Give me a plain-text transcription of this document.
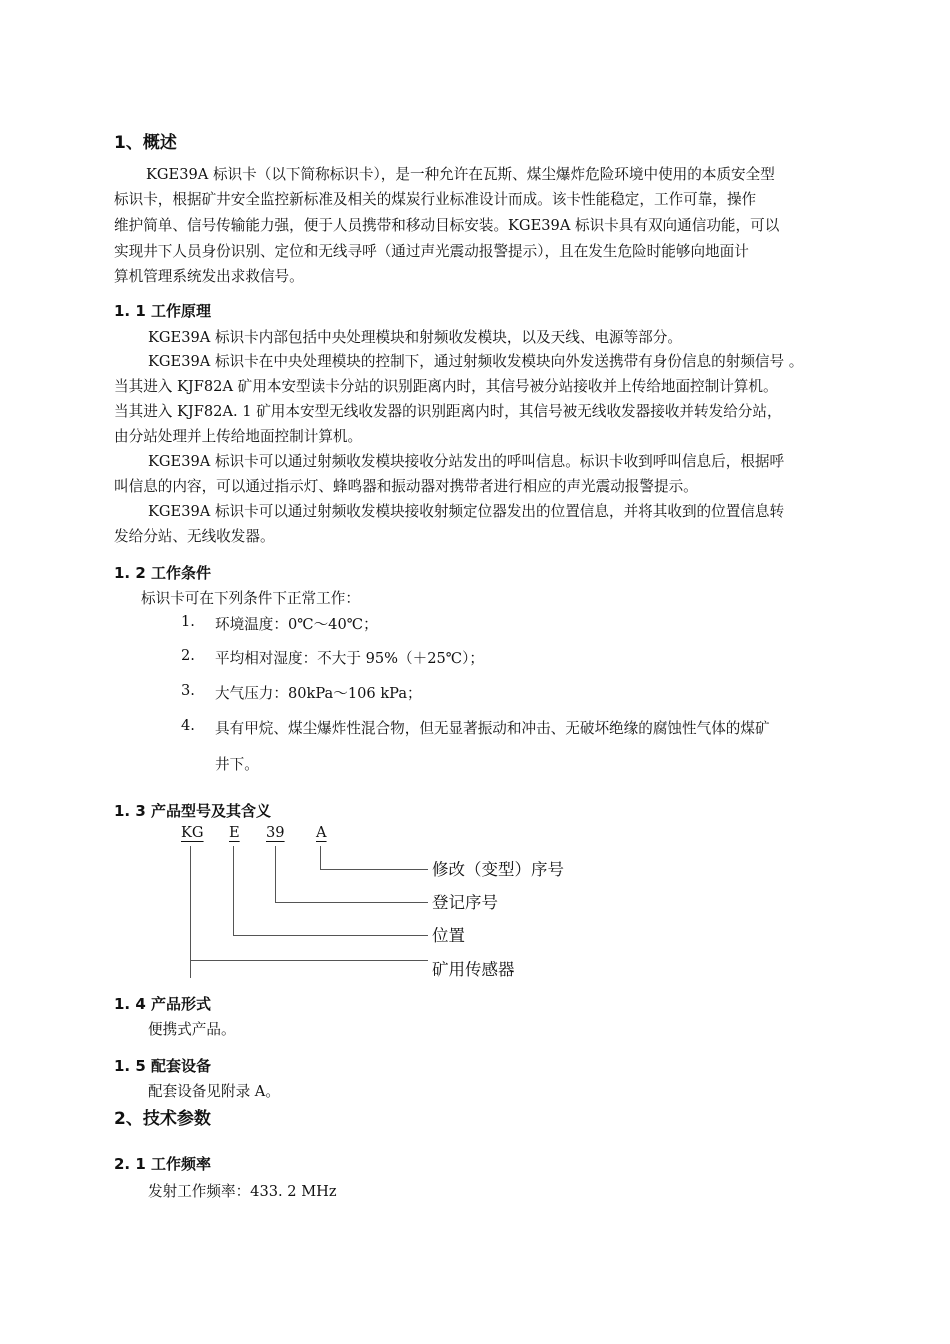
1、概述
KGE39A 标识卡（以下简称标识卡），是一种允许在瓦斯、煤尘爆炸危险环境中使用的本质安全型
标识卡，根据矿井安全监控新标准及相关的煤炭行业标准设计而成。该卡性能稳定，工作可靠，操作
维护简单、信号传输能力强，便于人员携带和移动目标安装。KGE39A 标识卡具有双向通信功能，可以
实现井下人员身份识别、定位和无线寻呼（通过声光震动报警提示），且在发生危险时能够向地面计
算机管理系统发出求救信号。
1. 1 工作原理
KGE39A 标识卡内部包括中央处理模块和射频收发模块，以及天线、电源等部分。
KGE39A 标识卡在中央处理模块的控制下，通过射频收发模块向外发送携带有身份信息的射频信号 。
当其进入 KJF82A 矿用本安型读卡分站的识别距离内时，其信号被分站接收并上传给地面控制计算机。
当其进入 KJF82A. 1 矿用本安型无线收发器的识别距离内时，其信号被无线收发器接收并转发给分站，
由分站处理并上传给地面控制计算机。
KGE39A 标识卡可以通过射频收发模块接收分站发出的呼叫信息。标识卡收到呼叫信息后，根据呼
叫信息的内容，可以通过指示灯、蜂鸣器和振动器对携带者进行相应的声光震动报警提示。
KGE39A 标识卡可以通过射频收发模块接收射频定位器发出的位置信息，并将其收到的位置信息转
发给分站、无线收发器。
1. 2 工作条件
标识卡可在下列条件下正常工作：
1. 环境温度：0℃～40℃；
2. 平均相对湿度：不大于 95%（＋25℃）；
3. 大气压力：80kPa～106 kPa；
4. 具有甲烷、煤尘爆炸性混合物，但无显著振动和冲击、无破坏绝缘的腐蚀性气体的煤矿
井下。
1. 3 产品型号及其含义
KG E 39 A
修改（变型）序号
登记序号
位置
矿用传感器
1. 4 产品形式
便携式产品。
1. 5 配套设备
配套设备见附录 A。
2、技术参数
2. 1 工作频率
发射工作频率：433. 2 MHz
